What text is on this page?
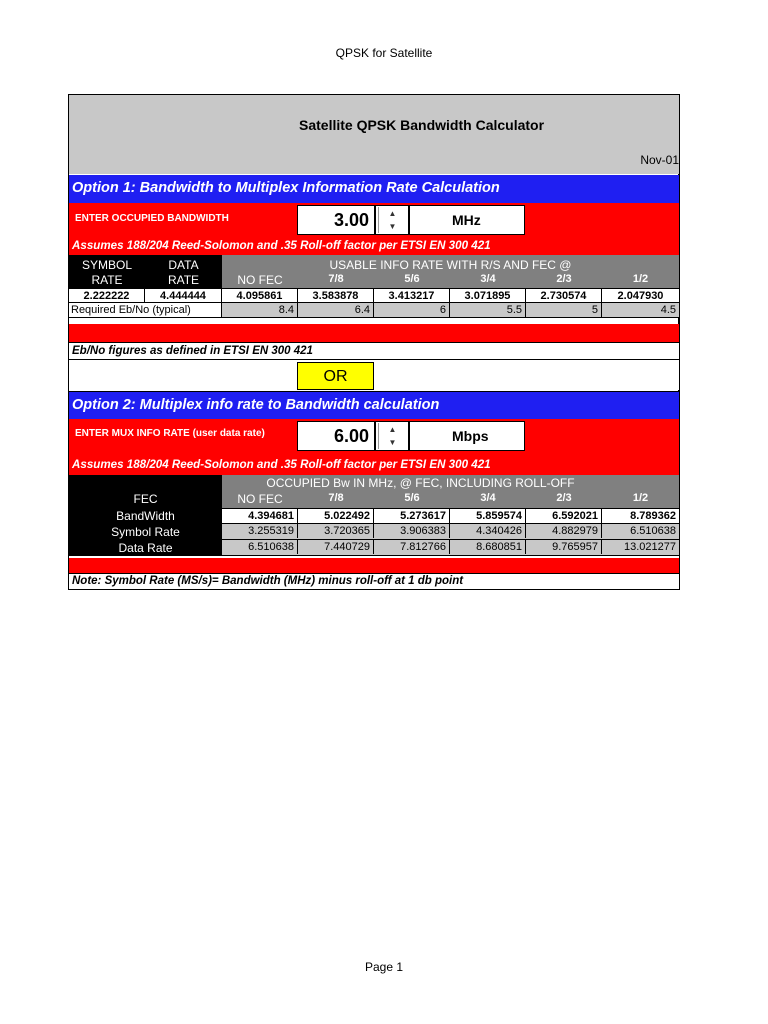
QPSK for Satellite
Satellite QPSK Bandwidth Calculator
Nov-01
Option 1: Bandwidth to Multiplex Information Rate Calculation
ENTER OCCUPIED BANDWIDTH	3.00	▲
▼	MHz
Assumes 188/204 Reed-Solomon and .35 Roll-off factor per ETSI EN 300 421
SYMBOL
RATE
DATA
RATE
USABLE INFO RATE WITH R/S AND FEC @
NO FEC	7/8	5/6	3/4	2/3	1/2
2.222222	4.444444	4.095861	3.583878	3.413217	3.071895	2.730574	2.047930
Required Eb/No (typical)	8.4	6.4	6	5.5	5	4.5
Eb/No figures as defined in ETSI EN 300 421
OR
Option 2: Multiplex info rate to Bandwidth calculation
ENTER MUX INFO RATE (user data rate)	6.00	▲
▼	Mbps
Assumes 188/204 Reed-Solomon and .35 Roll-off factor per ETSI EN 300 421
FEC
OCCUPIED Bw IN MHz, @ FEC, INCLUDING ROLL-OFF
NO FEC	7/8	5/6	3/4	2/3	1/2
BandWidth	4.394681	5.022492	5.273617	5.859574	6.592021	8.789362
Symbol Rate	3.255319	3.720365	3.906383	4.340426	4.882979	6.510638
Data Rate	6.510638	7.440729	7.812766	8.680851	9.765957	13.021277
Note: Symbol Rate (MS/s)= Bandwidth (MHz) minus roll-off at 1 db point
Page 1
